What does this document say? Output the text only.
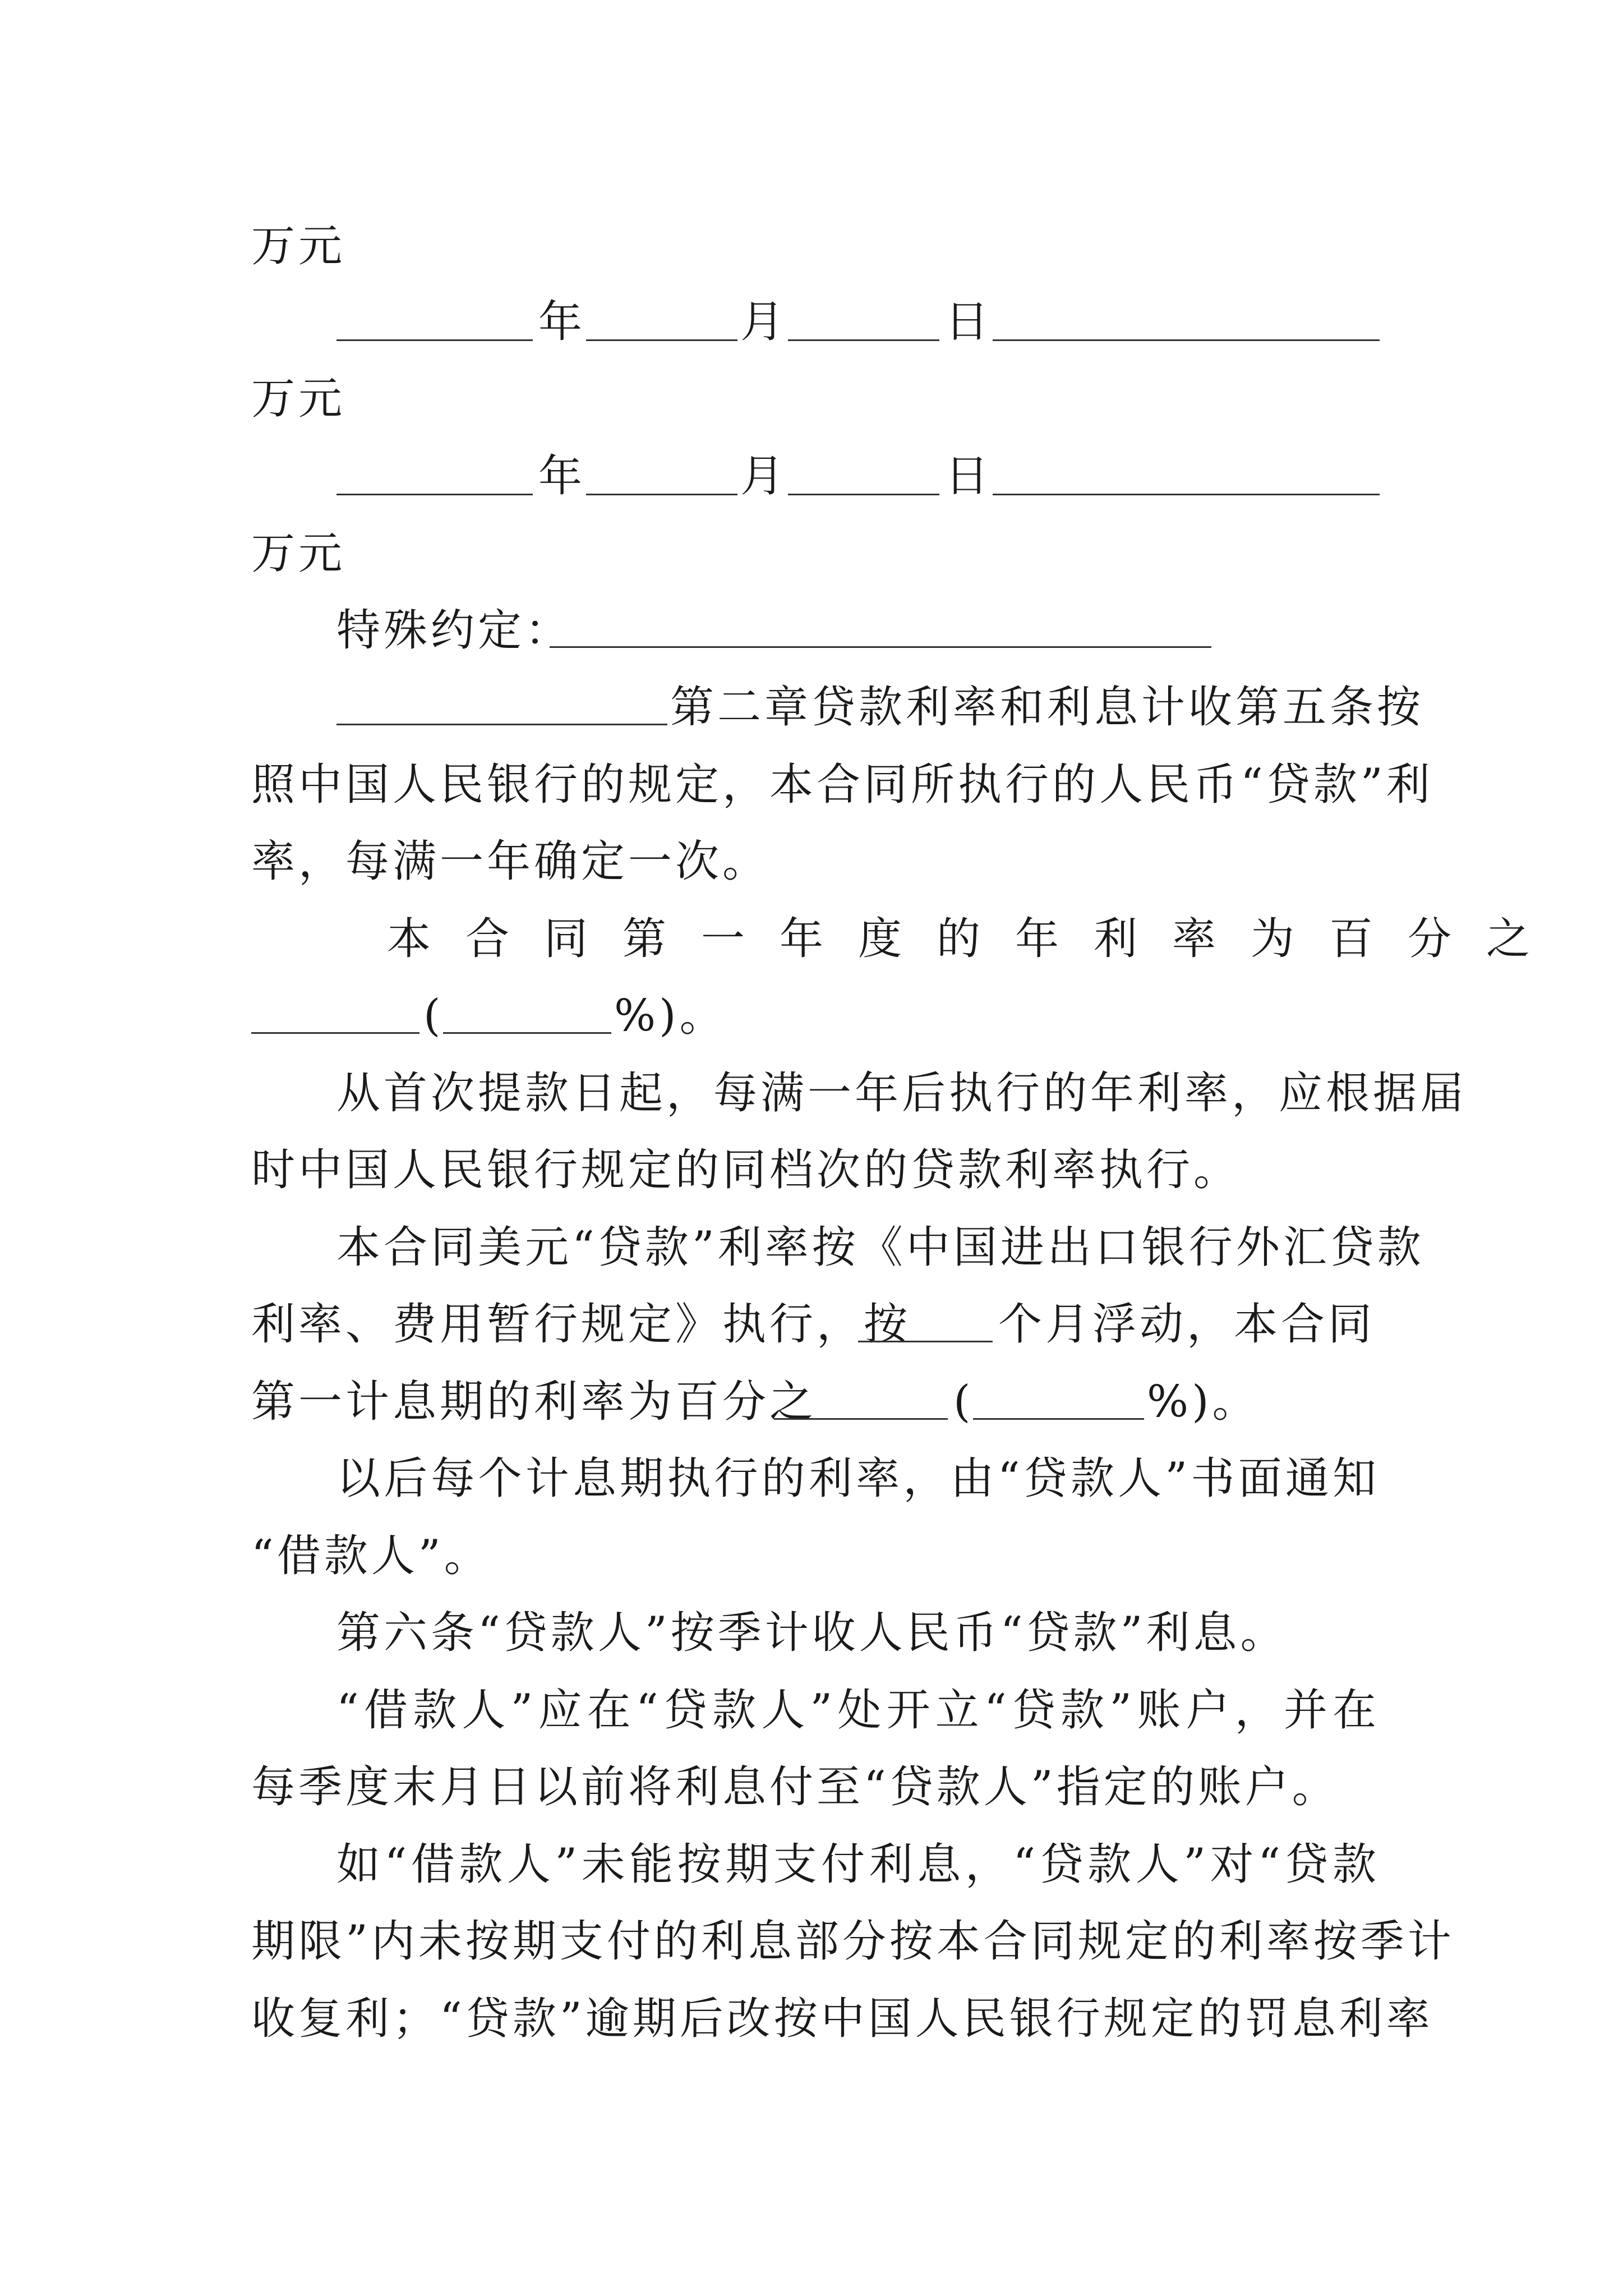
万元
年	月	日
万元
年	月	日
万元
特殊约定：
第二章贷款利率和利息计收第五条按
照中国人民银行的规定，本合同所执行的人民币“贷款”利
率，每满一年确定一次。
本合同第一年度的年利率为百分之
(	%)。
从首次提款日起，每满一年后执行的年利率，应根据届
时中国人民银行规定的同档次的贷款利率执行。
本合同美元“贷款”利率按《中国进出口银行外汇贷款
利率、费用暂行规定》执行，按 个月浮动，本合同
第一计息期的利率为百分之	(	%)。
以后每个计息期执行的利率，由“贷款人”书面通知
“借款人”。
第六条“贷款人”按季计收人民币“贷款”利息。
“借款人”应在“贷款人”处开立“贷款”账户，并在
每季度末月日以前将利息付至“贷款人”指定的账户。
如“借款人”未能按期支付利息，“贷款人”对“贷款
期限”内未按期支付的利息部分按本合同规定的利率按季计
收复利；“贷款”逾期后改按中国人民银行规定的罚息利率
